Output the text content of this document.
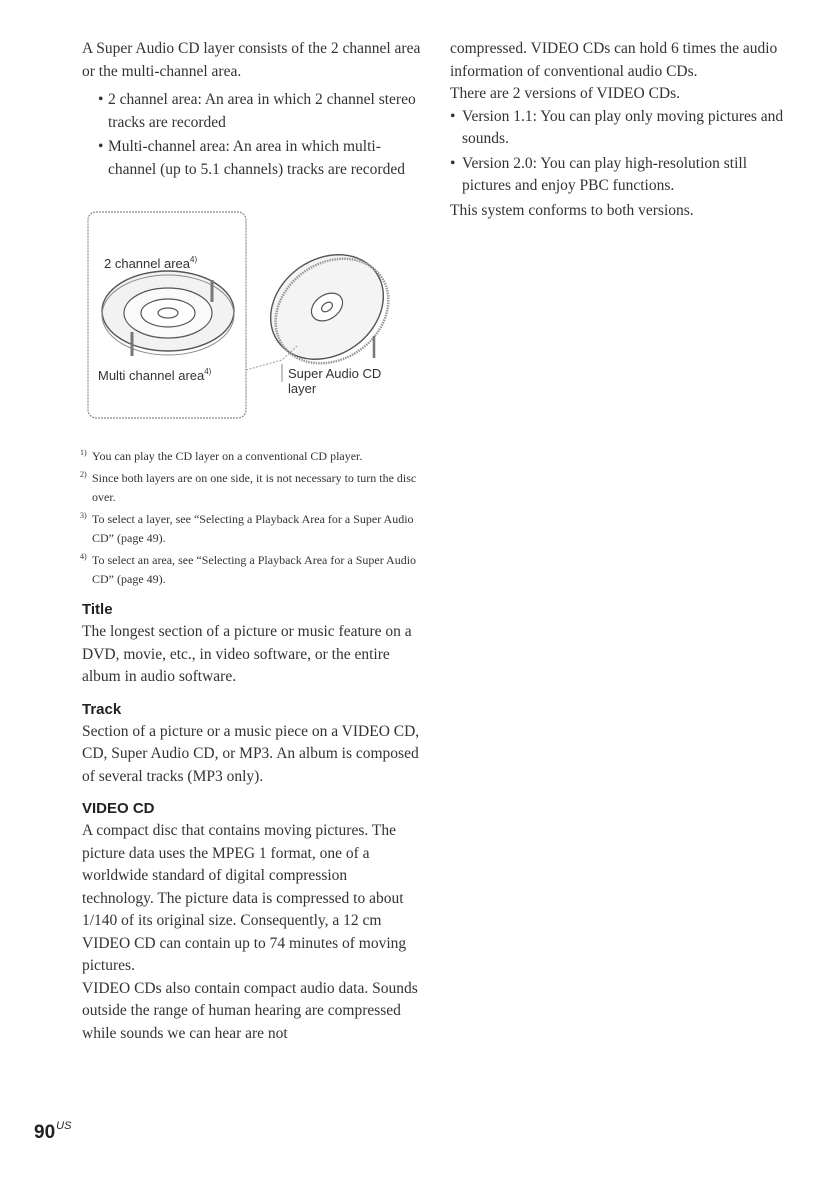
A Super Audio CD layer consists of the 2 channel area or the multi-channel area.

• 2 channel area: An area in which 2 channel stereo tracks are recorded
• Multi-channel area: An area in which multi-channel (up to 5.1 channels) tracks are recorded
2 channel area$^{4)}$
Multi channel area$^{4)}$	Super Audio CD
layer
1) You can play the CD layer on a conventional CD player.
2) Since both layers are on one side, it is not necessary to turn the disc over.
3) To select a layer, see “Selecting a Playback Area for a Super Audio CD” (page 49).
4) To select an area, see “Selecting a Playback Area for a Super Audio CD” (page 49).
Title

The longest section of a picture or music feature on a DVD, movie, etc., in video software, or the entire album in audio software.

Track

Section of a picture or a music piece on a VIDEO CD, CD, Super Audio CD, or MP3. An album is composed of several tracks (MP3 only).

VIDEO CD

A compact disc that contains moving pictures. The picture data uses the MPEG 1 format, one of a worldwide standard of digital compression technology. The picture data is compressed to about 1/140 of its original size. Consequently, a 12 cm VIDEO CD can contain up to 74 minutes of moving pictures.

VIDEO CDs also contain compact audio data. Sounds outside the range of human hearing are compressed while sounds we can hear are not

compressed. VIDEO CDs can hold 6 times the audio information of conventional audio CDs.

There are 2 versions of VIDEO CDs.

• Version 1.1: You can play only moving pictures and sounds.
• Version 2.0: You can play high-resolution still pictures and enjoy PBC functions.

This system conforms to both versions.

$90^{US}$
